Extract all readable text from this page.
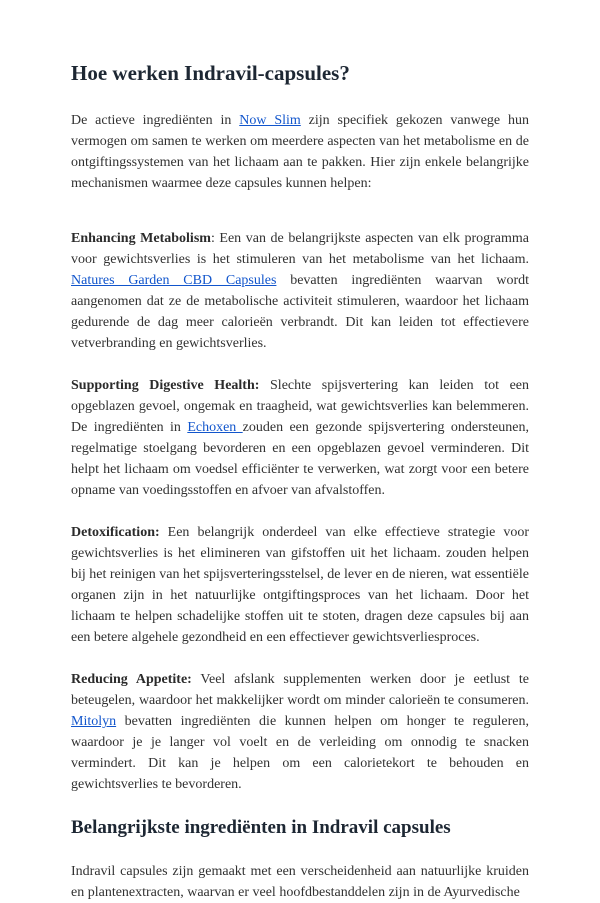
Hoe werken Indravil-capsules?

De actieve ingrediënten in Now Slim zijn specifiek gekozen vanwege hun vermogen om samen te werken om meerdere aspecten van het metabolisme en de ontgiftingssystemen van het lichaam aan te pakken. Hier zijn enkele belangrijke mechanismen waarmee deze capsules kunnen helpen:

Enhancing Metabolism: Een van de belangrijkste aspecten van elk programma voor gewichtsverlies is het stimuleren van het metabolisme van het lichaam. Natures Garden CBD Capsules bevatten ingrediënten waarvan wordt aangenomen dat ze de metabolische activiteit stimuleren, waardoor het lichaam gedurende de dag meer calorieën verbrandt. Dit kan leiden tot effectievere vetverbranding en gewichtsverlies.

Supporting Digestive Health: Slechte spijsvertering kan leiden tot een opgeblazen gevoel, ongemak en traagheid, wat gewichtsverlies kan belemmeren. De ingrediënten in Echoxen zouden een gezonde spijsvertering ondersteunen, regelmatige stoelgang bevorderen en een opgeblazen gevoel verminderen. Dit helpt het lichaam om voedsel efficiënter te verwerken, wat zorgt voor een betere opname van voedingsstoffen en afvoer van afvalstoffen.

Detoxification: Een belangrijk onderdeel van elke effectieve strategie voor gewichtsverlies is het elimineren van gifstoffen uit het lichaam. zouden helpen bij het reinigen van het spijsverteringsstelsel, de lever en de nieren, wat essentiële organen zijn in het natuurlijke ontgiftingsproces van het lichaam. Door het lichaam te helpen schadelijke stoffen uit te stoten, dragen deze capsules bij aan een betere algehele gezondheid en een effectiever gewichtsverliesproces.

Reducing Appetite: Veel afslank supplementen werken door je eetlust te beteugelen, waardoor het makkelijker wordt om minder calorieën te consumeren. Mitolyn bevatten ingrediënten die kunnen helpen om honger te reguleren, waardoor je je langer vol voelt en de verleiding om onnodig te snacken vermindert. Dit kan je helpen om een calorietekort te behouden en gewichtsverlies te bevorderen.

Belangrijkste ingrediënten in Indravil capsules

Indravil capsules zijn gemaakt met een verscheidenheid aan natuurlijke kruiden en plantenextracten, waarvan er veel hoofdbestanddelen zijn in de Ayurvedische
